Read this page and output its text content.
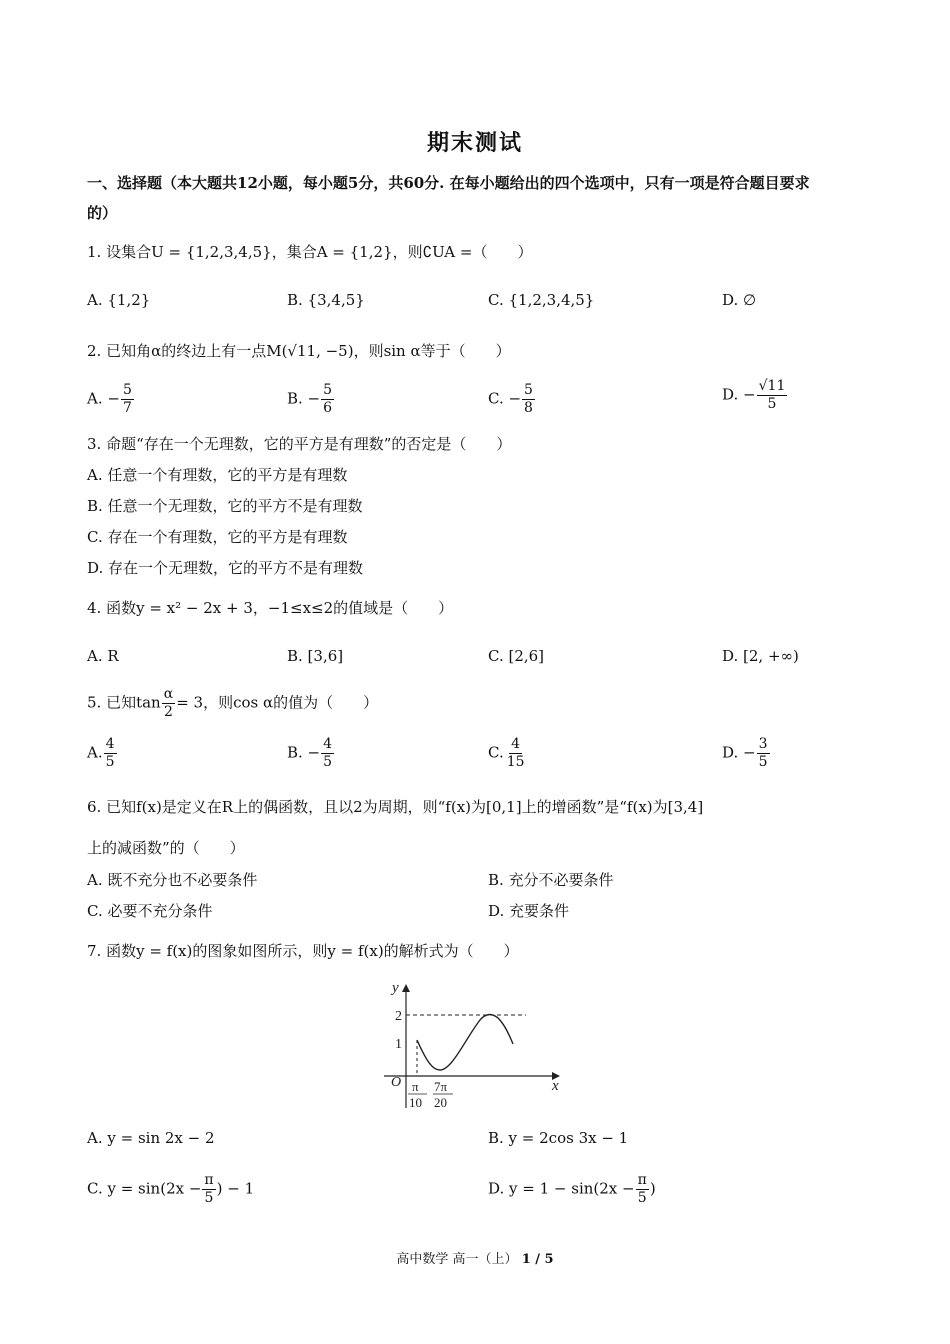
期末测试
一、选择题（本大题共12小题，每小题5分，共60分. 在每小题给出的四个选项中，只有一项是符合题目要求
的）
1. 设集合U = {1,2,3,4,5}，集合A = {1,2}，则∁UA =（　　）
A. {1,2}	B. {3,4,5}	C. {1,2,3,4,5}	D. ∅
2. 已知角α的终边上有一点M(√11, −5)，则sin α等于（　　）
A. − $\frac{5}{7}$	B. − $\frac{5}{6}$	C. − $\frac{5}{8}$	D. − $\frac{√11}{5}$
3. 命题“存在一个无理数，它的平方是有理数”的否定是（　　）
A. 任意一个有理数，它的平方是有理数
B. 任意一个无理数，它的平方不是有理数
C. 存在一个有理数，它的平方是有理数
D. 存在一个无理数，它的平方不是有理数
4. 函数y = x² − 2x + 3，−1≤x≤2的值域是（　　）
A. R	B. [3,6]	C. [2,6]	D. [2, +∞)
5. 已知$\tan \frac{\alpha}{2} = 3$，则cos α的值为（　　）
A. $\frac{4}{5}$	B. − $\frac{4}{5}$	C. $\frac{4}{15}$	D. − $\frac{3}{5}$
6. 已知f(x)是定义在R上的偶函数，且以2为周期，则“f(x)为[0,1]上的增函数”是“f(x)为[3,4]
上的减函数”的（　　）
A. 既不充分也不必要条件	B. 充分不必要条件
C. 必要不充分条件	D. 充要条件
7. 函数y = f(x)的图象如图所示，则y = f(x)的解析式为（　　）
y
x
O
2
1
π
10
7π
20
A. y = sin 2x − 2	B. y = 2cos 3x − 1
C. $y = \sin(2x - \frac{\pi}{5}$ ) − 1	D. $y = 1 - \sin(2x - \frac{\pi}{5}$ )
高中数学 高一（上） 1 / 5
